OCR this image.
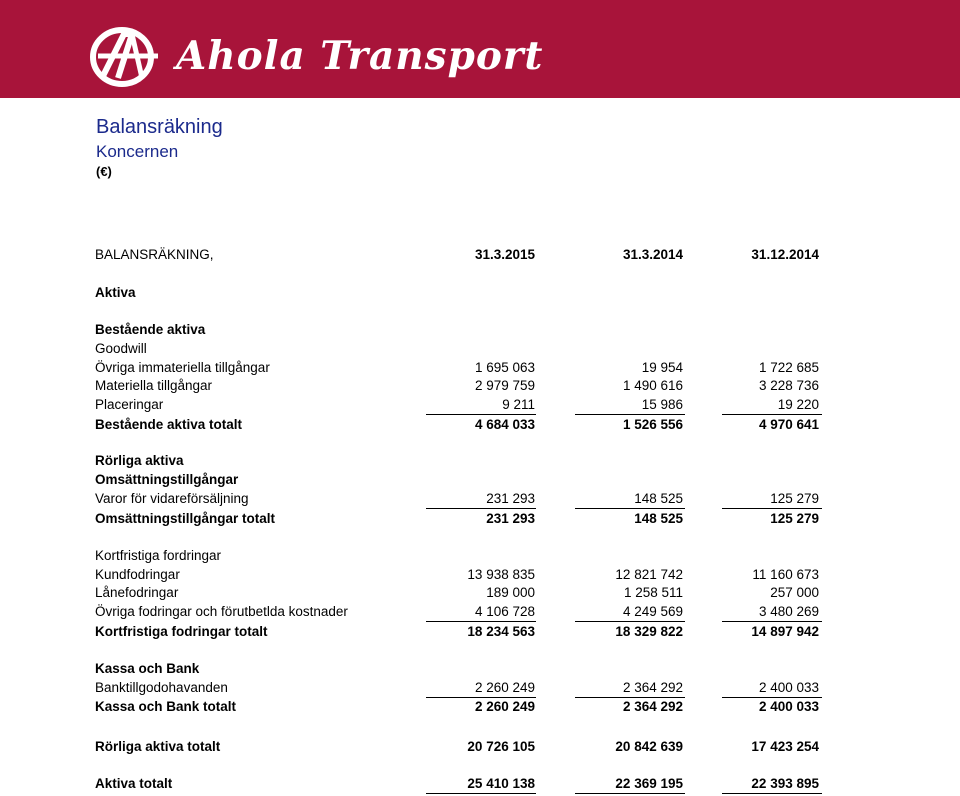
Ahola Transport
Balansräkning
Koncernen
(€)
BALANSRÄKNING,	31.3.2015	31.3.2014	31.12.2014
Aktiva
Bestående aktiva
Goodwill
Övriga immateriella tillgångar	1 695 063	19 954	1 722 685
Materiella tillgångar	2 979 759	1 490 616	3 228 736
Placeringar	9 211	15 986	19 220
Bestående aktiva totalt	4 684 033	1 526 556	4 970 641
Rörliga aktiva
Omsättningstillgångar
Varor för vidareförsäljning	231 293	148 525	125 279
Omsättningstillgångar totalt	231 293	148 525	125 279
Kortfristiga fordringar
Kundfodringar	13 938 835	12 821 742	11 160 673
Lånefodringar	189 000	1 258 511	257 000
Övriga fodringar och förutbetlda kostnader	4 106 728	4 249 569	3 480 269
Kortfristiga fodringar totalt	18 234 563	18 329 822	14 897 942
Kassa och Bank
Banktillgodohavanden	2 260 249	2 364 292	2 400 033
Kassa och Bank totalt	2 260 249	2 364 292	2 400 033
Rörliga aktiva totalt	20 726 105	20 842 639	17 423 254
Aktiva totalt	25 410 138	22 369 195	22 393 895
